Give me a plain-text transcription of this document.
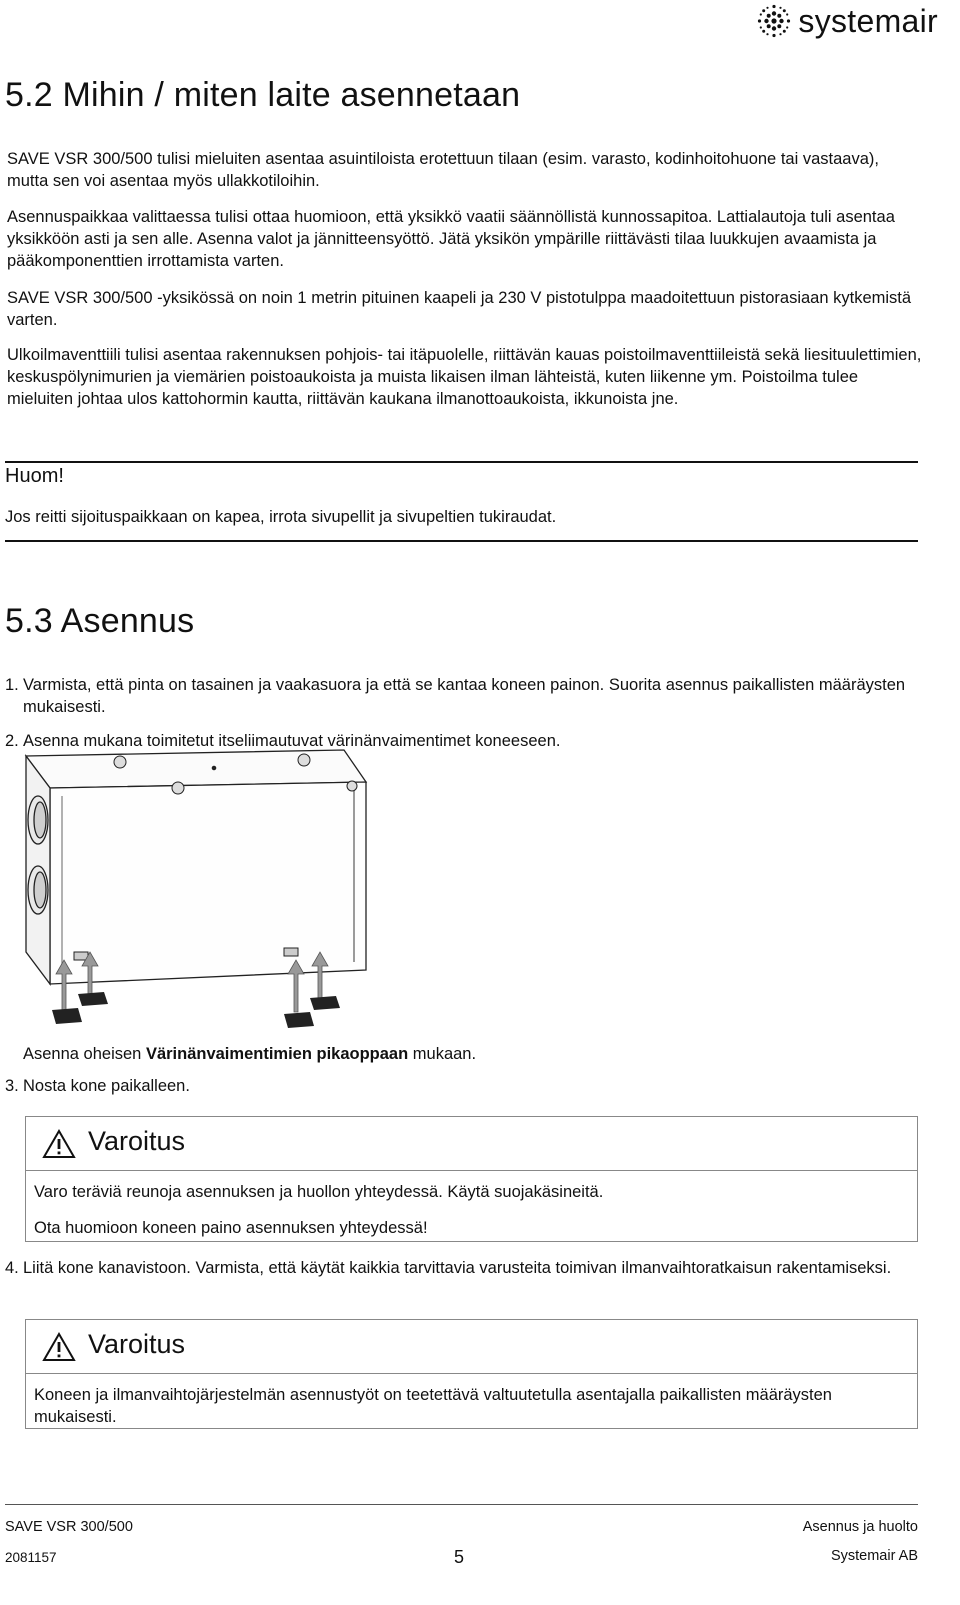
systemair
5.2 Mihin / miten laite asennetaan

SAVE VSR 300/500 tulisi mieluiten asentaa asuintiloista erotettuun tilaan (esim. varasto, kodinhoitohuone tai vastaava), mutta sen voi asentaa myös ullakkotiloihin.

Asennuspaikkaa valittaessa tulisi ottaa huomioon, että yksikkö vaatii säännöllistä kunnossapitoa. Lattialautoja tuli asentaa yksikköön asti ja sen alle. Asenna valot ja jännitteensyöttö. Jätä yksikön ympärille riittävästi tilaa luukkujen avaamista ja pääkomponenttien irrottamista varten.

SAVE VSR 300/500 -yksikössä on noin 1 metrin pituinen kaapeli ja 230 V pistotulppa maadoitettuun pistorasiaan kytkemistä varten.

Ulkoilmaventtiili tulisi asentaa rakennuksen pohjois- tai itäpuolelle, riittävän kauas poistoilmaventtiileistä sekä liesituulettimien, keskuspölynimurien ja viemärien poistoaukoista ja muista likaisen ilman lähteistä, kuten liikenne ym. Poistoilma tulee mieluiten johtaa ulos kattohormin kautta, riittävän kaukana ilmanottoaukoista, ikkunoista jne.

Huom!
Jos reitti sijoituspaikkaan on kapea, irrota sivupellit ja sivupeltien tukiraudat.
5.3 Asennus
1. Varmista, että pinta on tasainen ja vaakasuora ja että se kantaa koneen painon. Suorita asennus paikallisten määräysten mukaisesti.
2. Asenna mukana toimitetut itseliimautuvat värinänvaimentimet koneeseen.
Asenna oheisen Värinänvaimentimien pikaoppaan mukaan.
3. Nosta kone paikalleen.
Varoitus

Varo teräviä reunoja asennuksen ja huollon yhteydessä. Käytä suojakäsineitä.

Ota huomioon koneen paino asennuksen yhteydessä!

4. Liitä kone kanavistoon. Varmista, että käytät kaikkia tarvittavia varusteita toimivan ilmanvaihtoratkaisun rakentamiseksi.
Varoitus

Koneen ja ilmanvaihtojärjestelmän asennustyöt on teetettävä valtuutetulla asentajalla paikallisten määräysten mukaisesti.

SAVE VSR 300/500
2081157	5
Asennus ja huolto
Systemair AB
